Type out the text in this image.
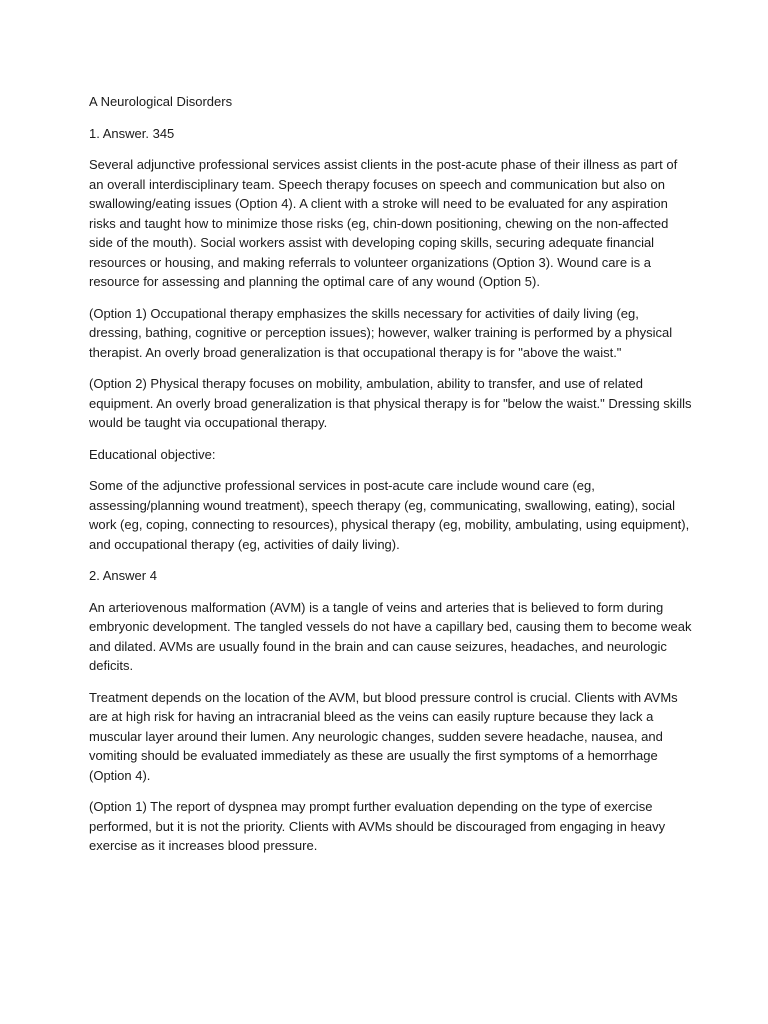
A Neurological Disorders

1. Answer. 345

Several adjunctive professional services assist clients in the post-acute phase of their illness as part of an overall interdisciplinary team. Speech therapy focuses on speech and communication but also on swallowing/eating issues (Option 4). A client with a stroke will need to be evaluated for any aspiration risks and taught how to minimize those risks (eg, chin-down positioning, chewing on the non-affected side of the mouth). Social workers assist with developing coping skills, securing adequate financial resources or housing, and making referrals to volunteer organizations (Option 3). Wound care is a resource for assessing and planning the optimal care of any wound (Option 5).

(Option 1) Occupational therapy emphasizes the skills necessary for activities of daily living (eg, dressing, bathing, cognitive or perception issues); however, walker training is performed by a physical therapist. An overly broad generalization is that occupational therapy is for "above the waist."

(Option 2) Physical therapy focuses on mobility, ambulation, ability to transfer, and use of related equipment. An overly broad generalization is that physical therapy is for "below the waist." Dressing skills would be taught via occupational therapy.

Educational objective:

Some of the adjunctive professional services in post-acute care include wound care (eg, assessing/planning wound treatment), speech therapy (eg, communicating, swallowing, eating), social work (eg, coping, connecting to resources), physical therapy (eg, mobility, ambulating, using equipment), and occupational therapy (eg, activities of daily living).

2. Answer 4

An arteriovenous malformation (AVM) is a tangle of veins and arteries that is believed to form during embryonic development. The tangled vessels do not have a capillary bed, causing them to become weak and dilated. AVMs are usually found in the brain and can cause seizures, headaches, and neurologic deficits.

Treatment depends on the location of the AVM, but blood pressure control is crucial. Clients with AVMs are at high risk for having an intracranial bleed as the veins can easily rupture because they lack a muscular layer around their lumen. Any neurologic changes, sudden severe headache, nausea, and vomiting should be evaluated immediately as these are usually the first symptoms of a hemorrhage (Option 4).

(Option 1) The report of dyspnea may prompt further evaluation depending on the type of exercise performed, but it is not the priority. Clients with AVMs should be discouraged from engaging in heavy exercise as it increases blood pressure.
